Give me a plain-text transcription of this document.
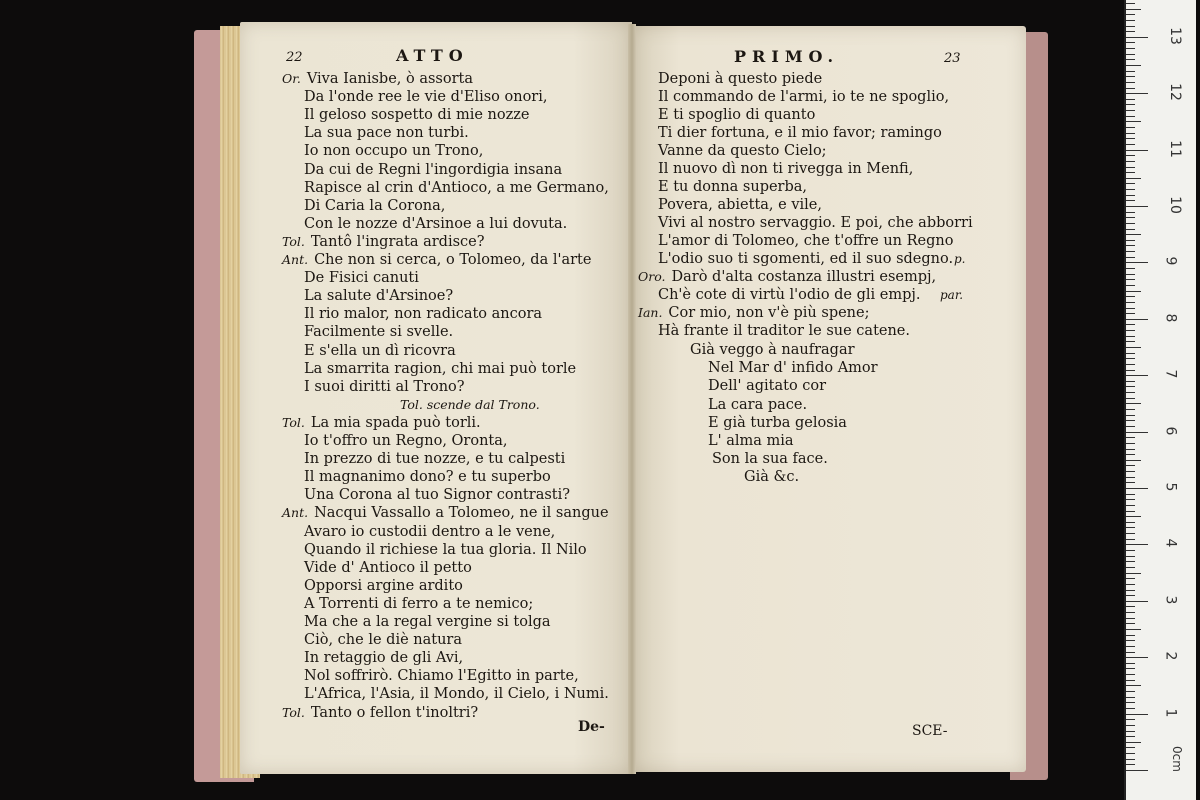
22	ATTO
Or. Viva Ianisbe, ò assorta
Da l'onde ree le vie d'Eliso onori,
Il geloso sospetto di mie nozze
La sua pace non turbi.
Io non occupo un Trono,
Da cui de Regni l'ingordigia insana
Rapisce al crin d'Antioco, a me Germano,
Di Caria la Corona,
Con le nozze d'Arsinoe a lui dovuta.
Tol. Tantô l'ingrata ardisce?
Ant. Che non si cerca, o Tolomeo, da l'arte
De Fisici canuti
La salute d'Arsinoe?
Il rio malor, non radicato ancora
Facilmente si svelle.
E s'ella un dì ricovra
La smarrita ragion, chi mai può torle
I suoi diritti al Trono?
Tol. scende dal Trono.
Tol. La mia spada può torli.
Io t'offro un Regno, Oronta,
In prezzo di tue nozze, e tu calpesti
Il magnanimo dono? e tu superbo
Una Corona al tuo Signor contrasti?
Ant. Nacqui Vassallo a Tolomeo, ne il sangue
Avaro io custodii dentro a le vene,
Quando il richiese la tua gloria. Il Nilo
Vide d' Antioco il petto
Opporsi argine ardito
A Torrenti di ferro a te nemico;
Ma che a la regal vergine si tolga
Ciò, che le diè natura
In retaggio de gli Avi,
Nol soffrirò. Chiamo l'Egitto in parte,
L'Africa, l'Asia, il Mondo, il Cielo, i Numi.
Tol. Tanto o fellon t'inoltri?
De-
PRIMO.	23
Deponi à questo piede
Il commando de l'armi, io te ne spoglio,
E ti spoglio di quanto
Ti dier fortuna, e il mio favor; ramingo
Vanne da questo Cielo;
Il nuovo dì non ti rivegga in Menfi,
E tu donna superba,
Povera, abietta, e vile,
Vivi al nostro servaggio. E poi, che abborri
L'amor di Tolomeo, che t'offre un Regno
L'odio suo ti sgomenti, ed il suo sdegno. p.
Oro. Darò d'alta costanza illustri esempj,
Ch'è cote di virtù l'odio de gli empj. par.
Ian. Cor mio, non v'è più spene;
Hà frante il traditor le sue catene.
Già veggo à naufragar
Nel Mar d' infido Amor
Dell' agitato cor
La cara pace.
E già turba gelosia
L' alma mia
Son la sua face.
Già &c.
SCE-
0cm
1
2
3
4
5
6
7
8
9
10
11
12
13
